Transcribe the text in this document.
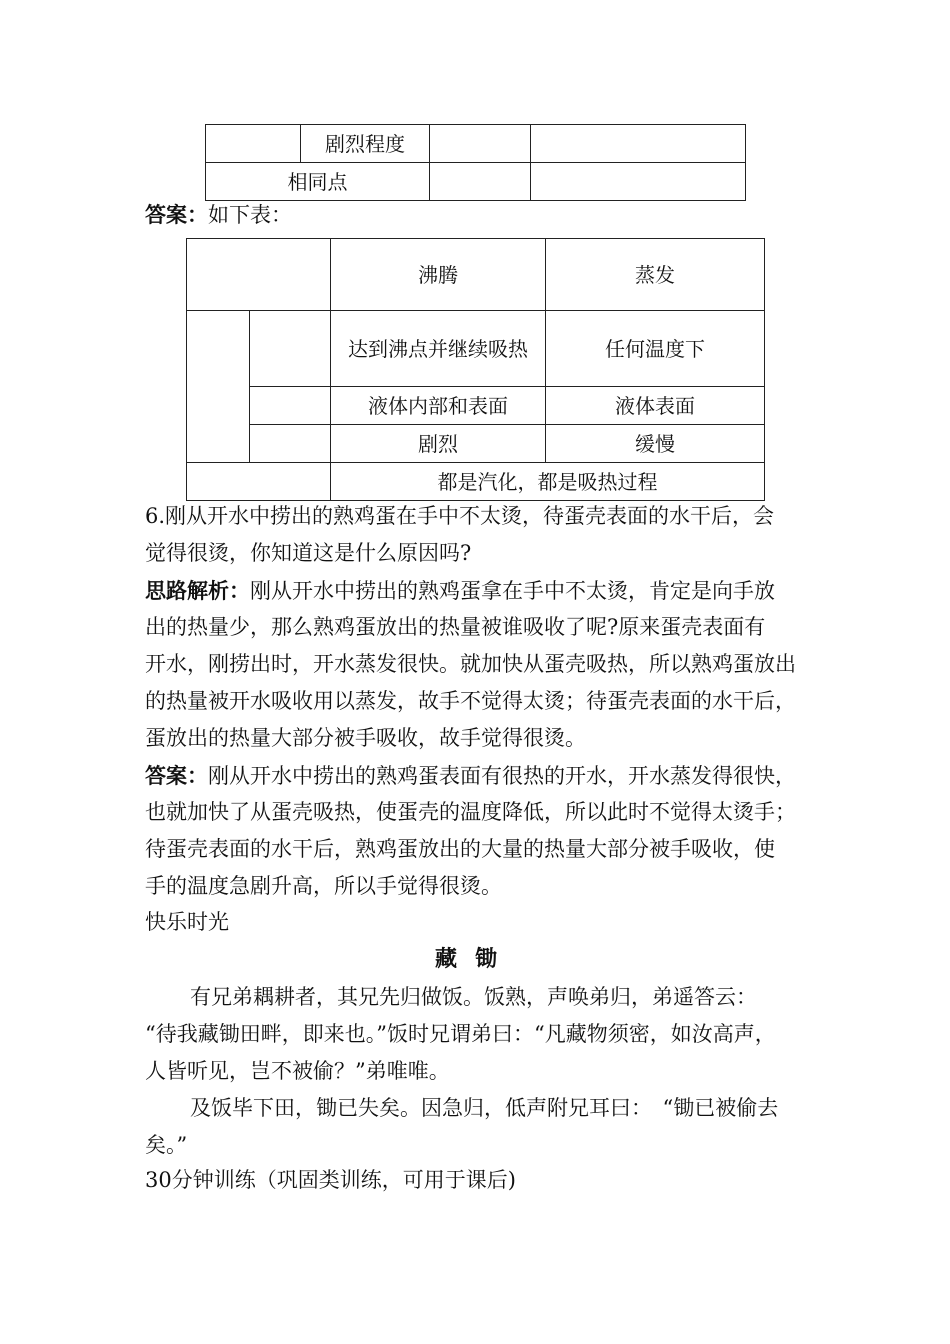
	剧烈程度		
相同点			
答案：如下表：
		沸腾	蒸发
		达到沸点并继续吸热	任何温度下
		液体内部和表面	液体表面
		剧烈	缓慢
		都是汽化，都是吸热过程	
6.刚从开水中捞出的熟鸡蛋在手中不太烫，待蛋壳表面的水干后，会
觉得很烫，你知道这是什么原因吗?
思路解析：刚从开水中捞出的熟鸡蛋拿在手中不太烫，肯定是向手放
出的热量少，那么熟鸡蛋放出的热量被谁吸收了呢?原来蛋壳表面有
开水，刚捞出时，开水蒸发很快。就加快从蛋壳吸热，所以熟鸡蛋放出
的热量被开水吸收用以蒸发，故手不觉得太烫；待蛋壳表面的水干后，
蛋放出的热量大部分被手吸收，故手觉得很烫。
答案：刚从开水中捞出的熟鸡蛋表面有很热的开水，开水蒸发得很快，
也就加快了从蛋壳吸热，使蛋壳的温度降低，所以此时不觉得太烫手；
待蛋壳表面的水干后，熟鸡蛋放出的大量的热量大部分被手吸收，使
手的温度急剧升高，所以手觉得很烫。
快乐时光
藏锄
有兄弟耦耕者，其兄先归做饭。饭熟，声唤弟归，弟遥答云：
“待我藏锄田畔，即来也。”饭时兄谓弟曰：“凡藏物须密，如汝高声，
人皆听见，岂不被偷？”弟唯唯。
及饭毕下田，锄已失矣。因急归，低声附兄耳曰：　“锄已被偷去
矣。”
30分钟训练（巩固类训练，可用于课后)
